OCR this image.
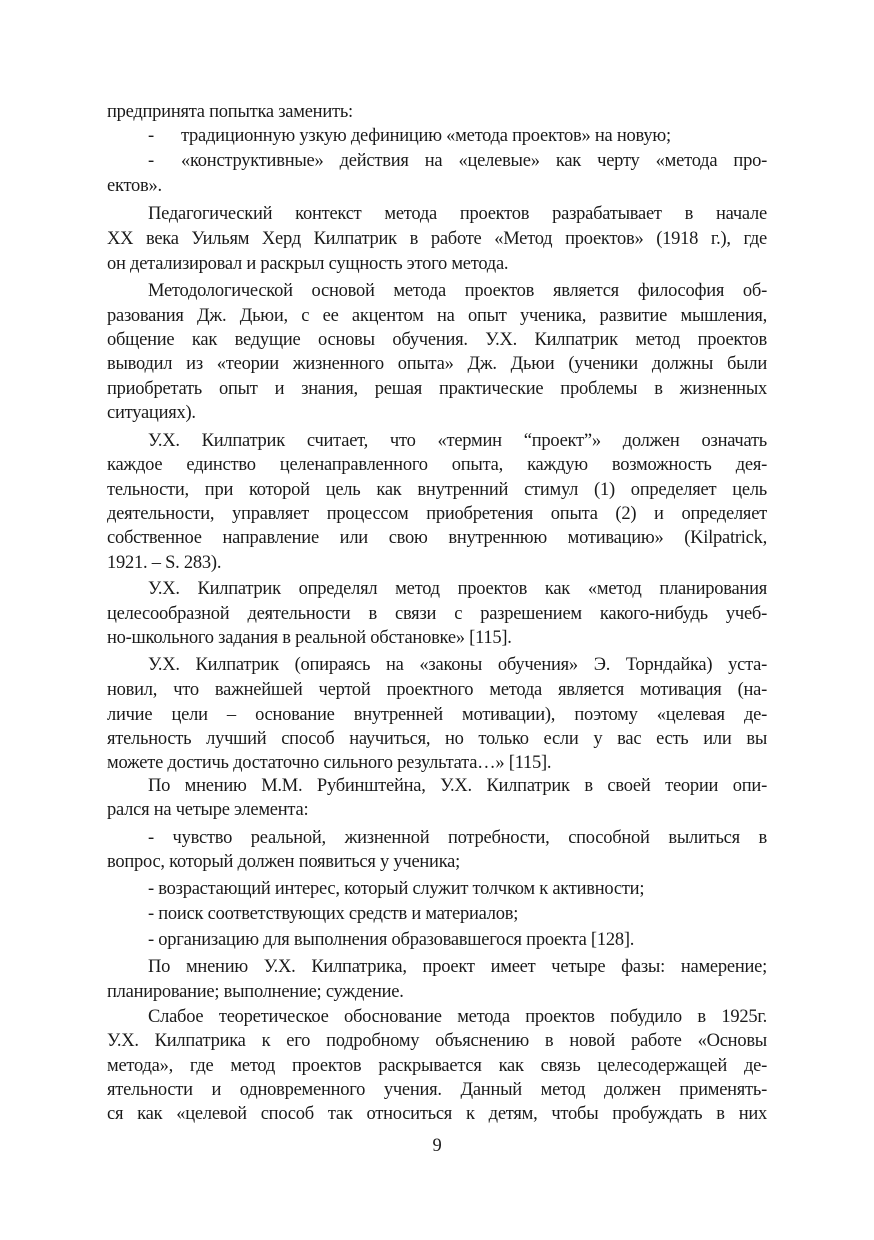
9
предпринята попытка заменить:
- традиционную узкую дефиницию «метода проектов» на новую;
- «конструктивные» действия на «целевые» как черту «метода про-
ектов».
Педагогический контекст метода проектов разрабатывает в начале
XX века Уильям Херд Килпатрик в работе «Метод проектов» (1918 г.), где
он детализировал и раскрыл сущность этого метода.
Методологической основой метода проектов является философия об-
разования Дж. Дьюи, с ее акцентом на опыт ученика, развитие мышления,
общение как ведущие основы обучения. У.Х. Килпатрик метод проектов
выводил из «теории жизненного опыта» Дж. Дьюи (ученики должны были
приобретать опыт и знания, решая практические проблемы в жизненных
ситуациях).
У.Х. Килпатрик считает, что «термин “проект”» должен означать
каждое единство целенаправленного опыта, каждую возможность дея-
тельности, при которой цель как внутренний стимул (1) определяет цель
деятельности, управляет процессом приобретения опыта (2) и определяет
собственное направление или свою внутреннюю мотивацию» (Kilpatrick,
1921. – S. 283).
У.Х. Килпатрик определял метод проектов как «метод планирования
целесообразной деятельности в связи с разрешением какого-нибудь учеб-
но-школьного задания в реальной обстановке» [115].
У.Х. Килпатрик (опираясь на «законы обучения» Э. Торндайка) уста-
новил, что важнейшей чертой проектного метода является мотивация (на-
личие цели – основание внутренней мотивации), поэтому «целевая де-
ятельность лучший способ научиться, но только если у вас есть или вы
можете достичь достаточно сильного результата…» [115].
По мнению М.М. Рубинштейна, У.Х. Килпатрик в своей теории опи-
рался на четыре элемента:
- чувство реальной, жизненной потребности, способной вылиться в
вопрос, который должен появиться у ученика;
- возрастающий интерес, который служит толчком к активности;
- поиск соответствующих средств и материалов;
- организацию для выполнения образовавшегося проекта [128].
По мнению У.Х. Килпатрика, проект имеет четыре фазы: намерение;
планирование; выполнение; суждение.
Слабое теоретическое обоснование метода проектов побудило в 1925г.
У.Х. Килпатрика к его подробному объяснению в новой работе «Основы
метода», где метод проектов раскрывается как связь целесодержащей де-
ятельности и одновременного учения. Данный метод должен применять-
ся как «целевой способ так относиться к детям, чтобы пробуждать в них
